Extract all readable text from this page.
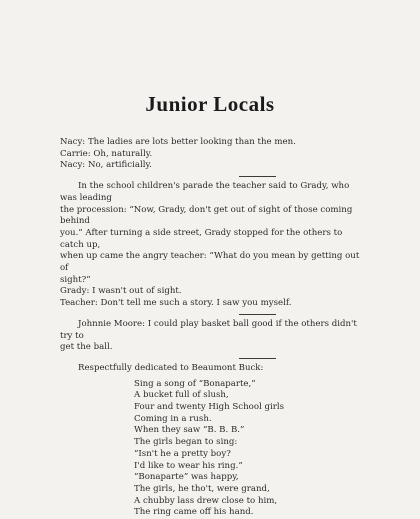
Junior Locals

Nacy: The ladies are lots better looking than the men.

Carrie: Oh, naturally.

Nacy: No, artificially.

In the school children's parade the teacher said to Grady, who was leading

the procession: “Now, Grady, don't get out of sight of those coming behind

you.” After turning a side street, Grady stopped for the others to catch up,

when up came the angry teacher: “What do you mean by getting out of

sight?”

Grady: I wasn't out of sight.

Teacher: Don't tell me such a story. I saw you myself.

Johnnie Moore: I could play basket ball good if the others didn't try to

get the ball.

Respectfully dedicated to Beaumont Buck:

Sing a song of “Bonaparte,”
A bucket full of slush,
Four and twenty High School girls
Coming in a rush.
When they saw “B. B. B.”
The girls began to sing:
“Isn't he a pretty boy?
I'd like to wear his ring.”
“Bonaparte” was happy,
The girls, he tho't, were grand,
A chubby lass drew close to him,
The ring came off his hand.
